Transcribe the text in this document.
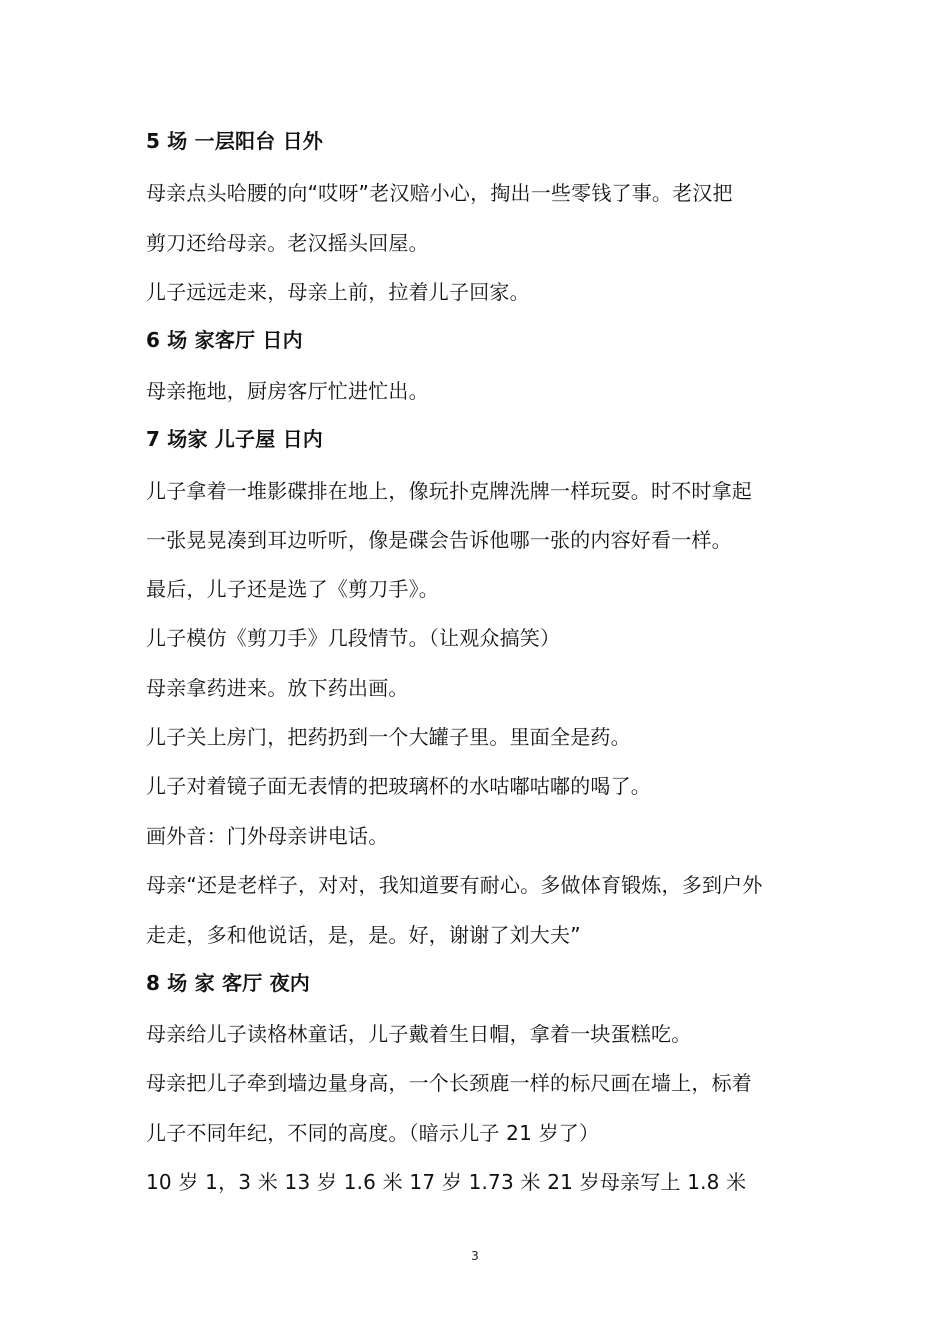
5 场 一层阳台 日外
母亲点头哈腰的向“哎呀”老汉赔小心，掏出一些零钱了事。老汉把
剪刀还给母亲。老汉摇头回屋。
儿子远远走来，母亲上前，拉着儿子回家。
6 场 家客厅 日内
母亲拖地，厨房客厅忙进忙出。
7 场家 儿子屋 日内
儿子拿着一堆影碟排在地上，像玩扑克牌洗牌一样玩耍。时不时拿起
一张晃晃凑到耳边听听，像是碟会告诉他哪一张的内容好看一样。
最后，儿子还是选了《剪刀手》。
儿子模仿《剪刀手》几段情节。（让观众搞笑）
母亲拿药进来。放下药出画。
儿子关上房门，把药扔到一个大罐子里。里面全是药。
儿子对着镜子面无表情的把玻璃杯的水咕嘟咕嘟的喝了。
画外音：门外母亲讲电话。
母亲“还是老样子，对对，我知道要有耐心。多做体育锻炼，多到户外
走走，多和他说话，是，是。好，谢谢了刘大夫”
8 场 家 客厅 夜内
母亲给儿子读格林童话，儿子戴着生日帽，拿着一块蛋糕吃。
母亲把儿子牵到墙边量身高，一个长颈鹿一样的标尺画在墙上，标着
儿子不同年纪，不同的高度。（暗示儿子 21 岁了）
10 岁 1，3 米 13 岁 1.6 米 17 岁 1.73 米 21 岁母亲写上 1.8 米
3
